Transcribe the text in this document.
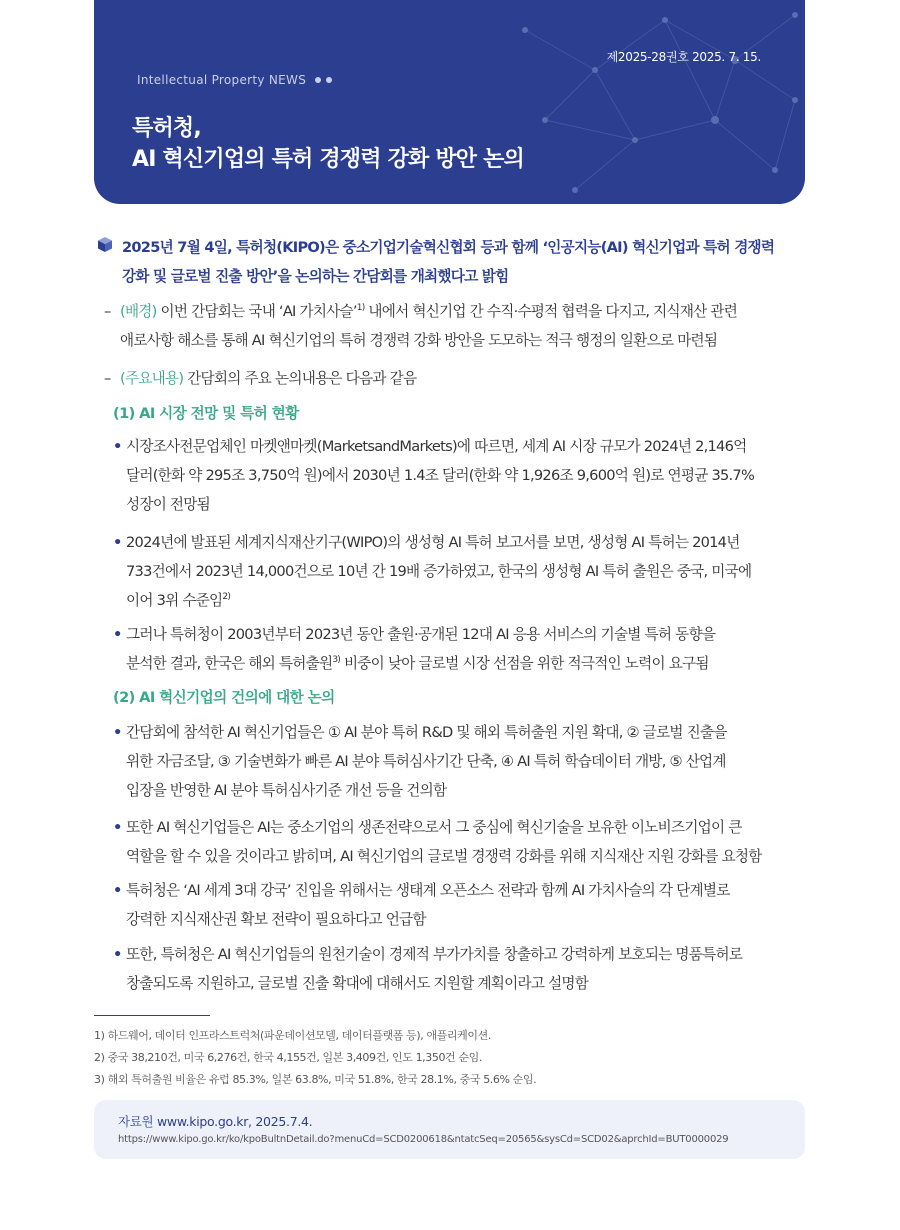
제2025-28권호 2025. 7. 15.
Intellectual Property NEWS
특허청,
AI 혁신기업의 특허 경쟁력 강화 방안 논의

2025년 7월 4일, 특허청(KIPO)은 중소기업기술혁신협회 등과 함께 ‘인공지능(AI) 혁신기업과 특허 경쟁력
강화 및 글로벌 진출 방안’을 논의하는 간담회를 개최했다고 밝힘

– (배경) 이번 간담회는 국내 ‘AI 가치사슬’$^{1)}$ 내에서 혁신기업 간 수직·수평적 협력을 다지고, 지식재산 관련
애로사항 해소를 통해 AI 혁신기업의 특허 경쟁력 강화 방안을 도모하는 적극 행정의 일환으로 마련됨

– (주요내용) 간담회의 주요 논의내용은 다음과 같음

(1) AI 시장 전망 및 특허 현황
• 시장조사전문업체인 마켓앤마켓(MarketsandMarkets)에 따르면, 세계 AI 시장 규모가 2024년 2,146억
달러(한화 약 295조 3,750억 원)에서 2030년 1.4조 달러(한화 약 1,926조 9,600억 원)로 연평균 35.7%
성장이 전망됨

• 2024년에 발표된 세계지식재산기구(WIPO)의 생성형 AI 특허 보고서를 보면, 생성형 AI 특허는 2014년
733건에서 2023년 14,000건으로 10년 간 19배 증가하였고, 한국의 생성형 AI 특허 출원은 중국, 미국에
이어 3위 수준임$^{2)}$

• 그러나 특허청이 2003년부터 2023년 동안 출원·공개된 12대 AI 응용 서비스의 기술별 특허 동향을
분석한 결과, 한국은 해외 특허출원$^{3)}$ 비중이 낮아 글로벌 시장 선점을 위한 적극적인 노력이 요구됨

(2) AI 혁신기업의 건의에 대한 논의
• 간담회에 참석한 AI 혁신기업들은 ① AI 분야 특허 R&D 및 해외 특허출원 지원 확대, ② 글로벌 진출을
위한 자금조달, ③ 기술변화가 빠른 AI 분야 특허심사기간 단축, ④ AI 특허 학습데이터 개방, ⑤ 산업계
입장을 반영한 AI 분야 특허심사기준 개선 등을 건의함

• 또한 AI 혁신기업들은 AI는 중소기업의 생존전략으로서 그 중심에 혁신기술을 보유한 이노비즈기업이 큰
역할을 할 수 있을 것이라고 밝히며, AI 혁신기업의 글로벌 경쟁력 강화를 위해 지식재산 지원 강화를 요청함

• 특허청은 ‘AI 세계 3대 강국’ 진입을 위해서는 생태계 오픈소스 전략과 함께 AI 가치사슬의 각 단계별로
강력한 지식재산권 확보 전략이 필요하다고 언급함

• 또한, 특허청은 AI 혁신기업들의 원천기술이 경제적 부가가치를 창출하고 강력하게 보호되는 명품특허로
창출되도록 지원하고, 글로벌 진출 확대에 대해서도 지원할 계획이라고 설명함

1) 하드웨어, 데이터 인프라스트럭처(파운데이션모델, 데이터플랫폼 등), 애플리케이션.
2) 중국 38,210건, 미국 6,276건, 한국 4,155건, 일본 3,409건, 인도 1,350건 순임.
3) 해외 특허출원 비율은 유럽 85.3%, 일본 63.8%, 미국 51.8%, 한국 28.1%, 중국 5.6% 순임.
자료원 www.kipo.go.kr, 2025.7.4.
https://www.kipo.go.kr/ko/kpoBultnDetail.do?menuCd=SCD0200618&ntatcSeq=20565&sysCd=SCD02&aprchId=BUT0000029
